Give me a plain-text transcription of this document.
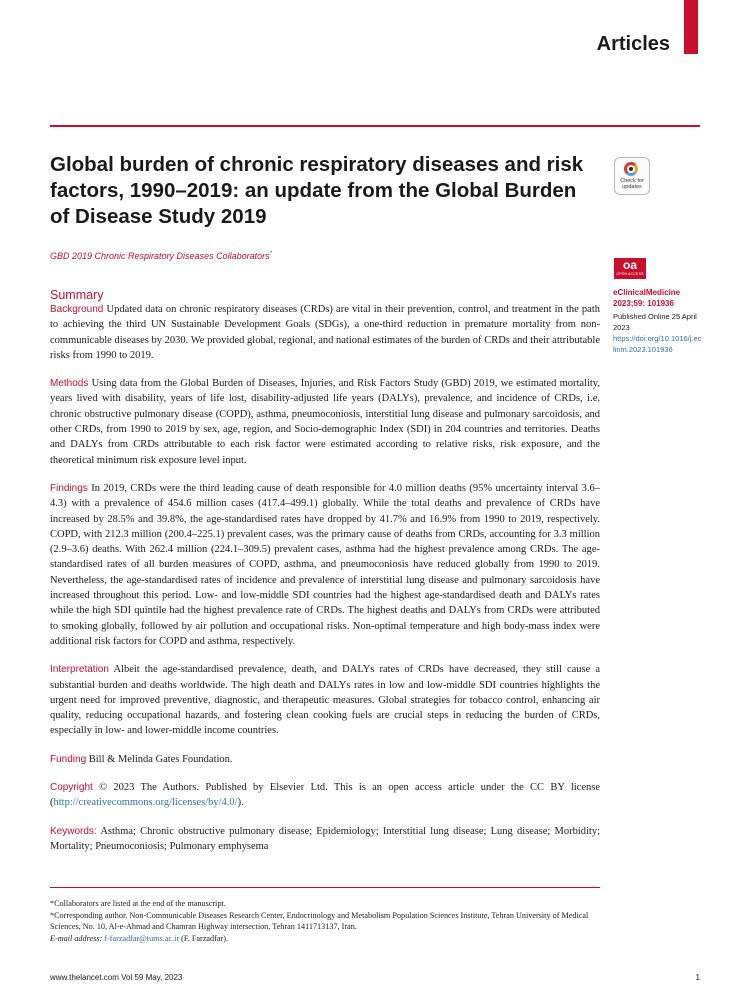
Articles
Global burden of chronic respiratory diseases and risk factors, 1990–2019: an update from the Global Burden of Disease Study 2019
GBD 2019 Chronic Respiratory Diseases Collaborators*
Check for
updates
oa
OPEN ACCESS
eClinicalMedicine
2023;59: 101936
Published Online 25 April 2023
https://doi.org/10.1016/j.eclinm.2023.101936
Summary

Background Updated data on chronic respiratory diseases (CRDs) are vital in their prevention, control, and treatment in the path to achieving the third UN Sustainable Development Goals (SDGs), a one-third reduction in premature mortality from non-communicable diseases by 2030. We provided global, regional, and national estimates of the burden of CRDs and their attributable risks from 1990 to 2019.

Methods Using data from the Global Burden of Diseases, Injuries, and Risk Factors Study (GBD) 2019, we estimated mortality, years lived with disability, years of life lost, disability-adjusted life years (DALYs), prevalence, and incidence of CRDs, i.e. chronic obstructive pulmonary disease (COPD), asthma, pneumoconiosis, interstitial lung disease and pulmonary sarcoidosis, and other CRDs, from 1990 to 2019 by sex, age, region, and Socio-demographic Index (SDI) in 204 countries and territories. Deaths and DALYs from CRDs attributable to each risk factor were estimated according to relative risks, risk exposure, and the theoretical minimum risk exposure level input.

Findings In 2019, CRDs were the third leading cause of death responsible for 4.0 million deaths (95% uncertainty interval 3.6–4.3) with a prevalence of 454.6 million cases (417.4–499.1) globally. While the total deaths and prevalence of CRDs have increased by 28.5% and 39.8%, the age-standardised rates have dropped by 41.7% and 16.9% from 1990 to 2019, respectively. COPD, with 212.3 million (200.4–225.1) prevalent cases, was the primary cause of deaths from CRDs, accounting for 3.3 million (2.9–3.6) deaths. With 262.4 million (224.1–309.5) prevalent cases, asthma had the highest prevalence among CRDs. The age-standardised rates of all burden measures of COPD, asthma, and pneumoconiosis have reduced globally from 1990 to 2019. Nevertheless, the age-standardised rates of incidence and prevalence of interstitial lung disease and pulmonary sarcoidosis have increased throughout this period. Low- and low-middle SDI countries had the highest age-standardised death and DALYs rates while the high SDI quintile had the highest prevalence rate of CRDs. The highest deaths and DALYs from CRDs were attributed to smoking globally, followed by air pollution and occupational risks. Non-optimal temperature and high body-mass index were additional risk factors for COPD and asthma, respectively.

Interpretation Albeit the age-standardised prevalence, death, and DALYs rates of CRDs have decreased, they still cause a substantial burden and deaths worldwide. The high death and DALYs rates in low and low-middle SDI countries highlights the urgent need for improved preventive, diagnostic, and therapeutic measures. Global strategies for tobacco control, enhancing air quality, reducing occupational hazards, and fostering clean cooking fuels are crucial steps in reducing the burden of CRDs, especially in low- and lower-middle income countries.

Funding Bill & Melinda Gates Foundation.

Copyright © 2023 The Authors. Published by Elsevier Ltd. This is an open access article under the CC BY license (http://creativecommons.org/licenses/by/4.0/).

Keywords: Asthma; Chronic obstructive pulmonary disease; Epidemiology; Interstitial lung disease; Lung disease; Morbidity; Mortality; Pneumoconiosis; Pulmonary emphysema

*Collaborators are listed at the end of the manuscript.

*Corresponding author. Non-Communicable Diseases Research Center, Endocrinology and Metabolism Population Sciences Institute, Tehran University of Medical Sciences, No. 10, Al-e-Ahmad and Chamran Highway intersection, Tehran 1411713137, Iran.

E-mail address: f-farzadfar@tums.ac.ir (F. Farzadfar).

www.thelancet.com Vol 59 May, 2023	1
